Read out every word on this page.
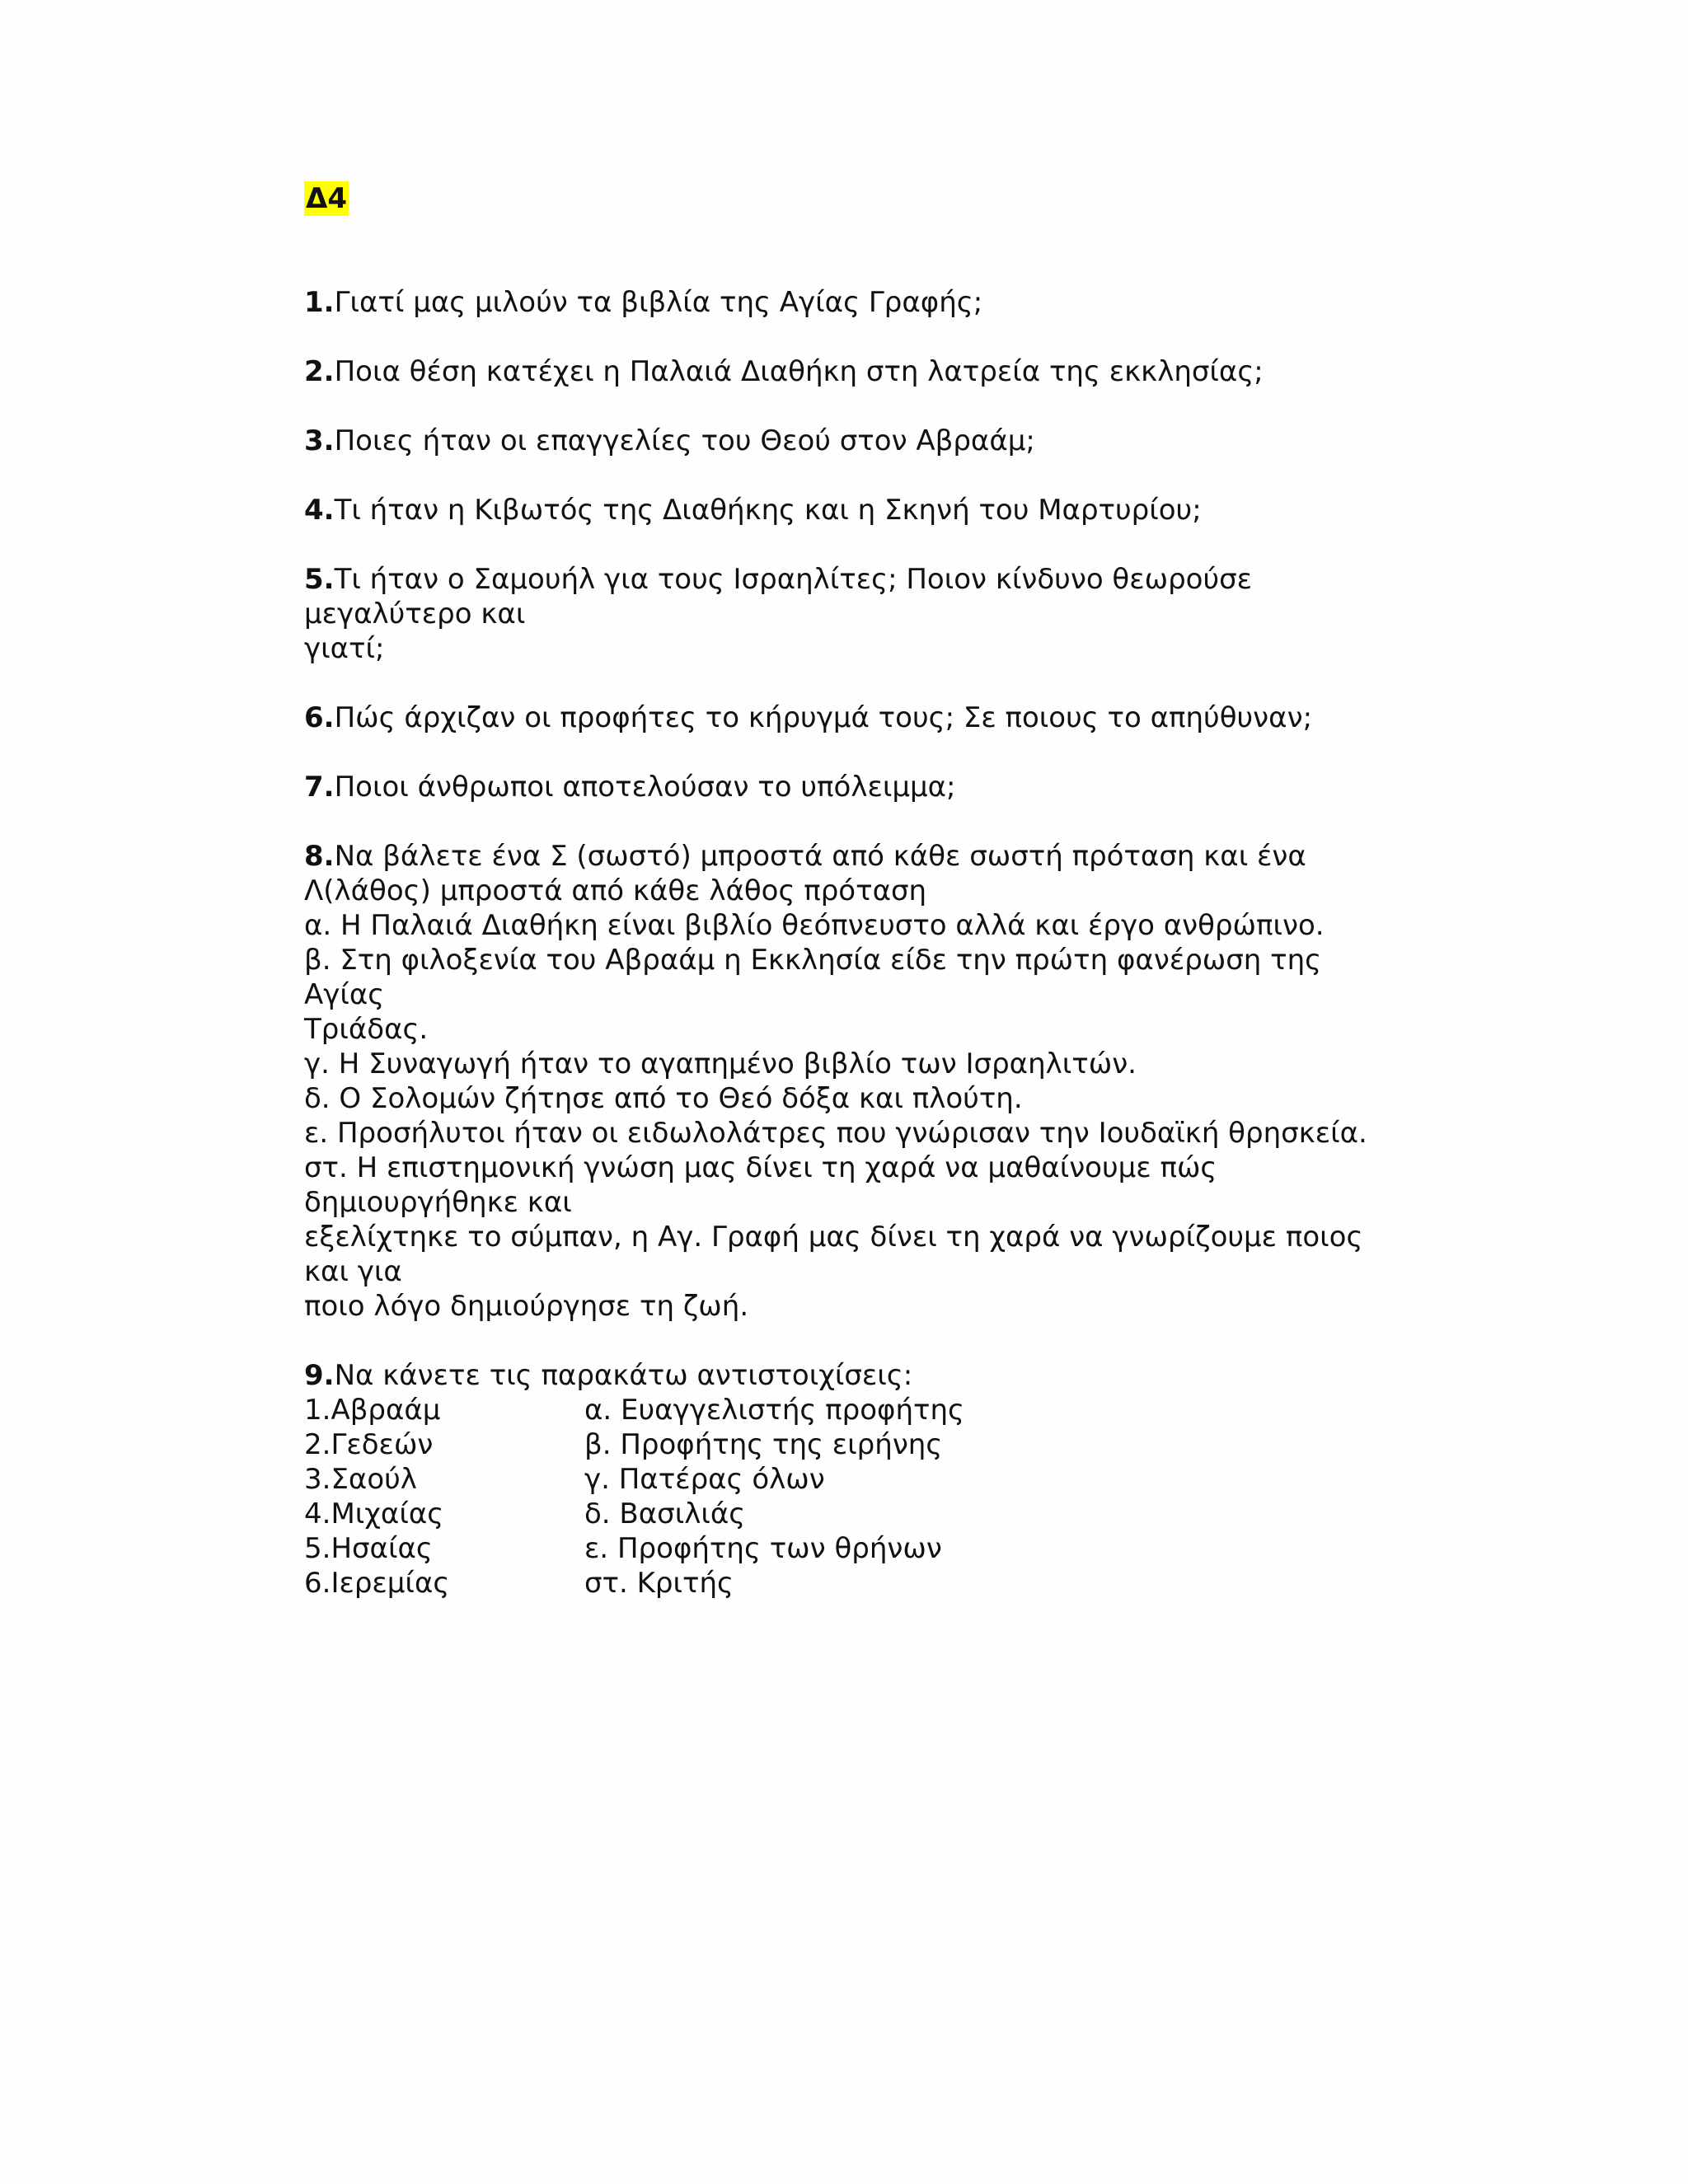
Δ4
1.Γιατί μας μιλούν τα βιβλία της Αγίας Γραφής;
2.Ποια θέση κατέχει η Παλαιά Διαθήκη στη λατρεία της εκκλησίας;
3.Ποιες ήταν οι επαγγελίες του Θεού στον Αβραάμ;
4.Τι ήταν η Κιβωτός της Διαθήκης και η Σκηνή του Μαρτυρίου;
5.Τι ήταν ο Σαμουήλ για τους Ισραηλίτες; Ποιον κίνδυνο θεωρούσε μεγαλύτερο και
γιατί;
6.Πώς άρχιζαν οι προφήτες το κήρυγμά τους; Σε ποιους το απηύθυναν;
7.Ποιοι άνθρωποι αποτελούσαν το υπόλειμμα;
8.Να βάλετε ένα Σ (σωστό) μπροστά από κάθε σωστή πρόταση και ένα
Λ(λάθος) μπροστά από κάθε λάθος πρόταση
α. Η Παλαιά Διαθήκη είναι βιβλίο θεόπνευστο αλλά και έργο ανθρώπινο.
β. Στη φιλοξενία του Αβραάμ η Εκκλησία είδε την πρώτη φανέρωση της Αγίας
Τριάδας.
γ. Η Συναγωγή ήταν το αγαπημένο βιβλίο των Ισραηλιτών.
δ. Ο Σολομών ζήτησε από το Θεό δόξα και πλούτη.
ε. Προσήλυτοι ήταν οι ειδωλολάτρες που γνώρισαν την Ιουδαϊκή θρησκεία.
στ. Η επιστημονική γνώση μας δίνει τη χαρά να μαθαίνουμε πώς δημιουργήθηκε και
εξελίχτηκε το σύμπαν, η Αγ. Γραφή μας δίνει τη χαρά να γνωρίζουμε ποιος και για
ποιο λόγο δημιούργησε τη ζωή.
9.Να κάνετε τις παρακάτω αντιστοιχίσεις:
1.Αβραάμ	α. Ευαγγελιστής προφήτης
2.Γεδεών	β. Προφήτης της ειρήνης
3.Σαούλ	γ. Πατέρας όλων
4.Μιχαίας	δ. Βασιλιάς
5.Ησαίας	ε. Προφήτης των θρήνων
6.Ιερεμίας	στ. Κριτής
